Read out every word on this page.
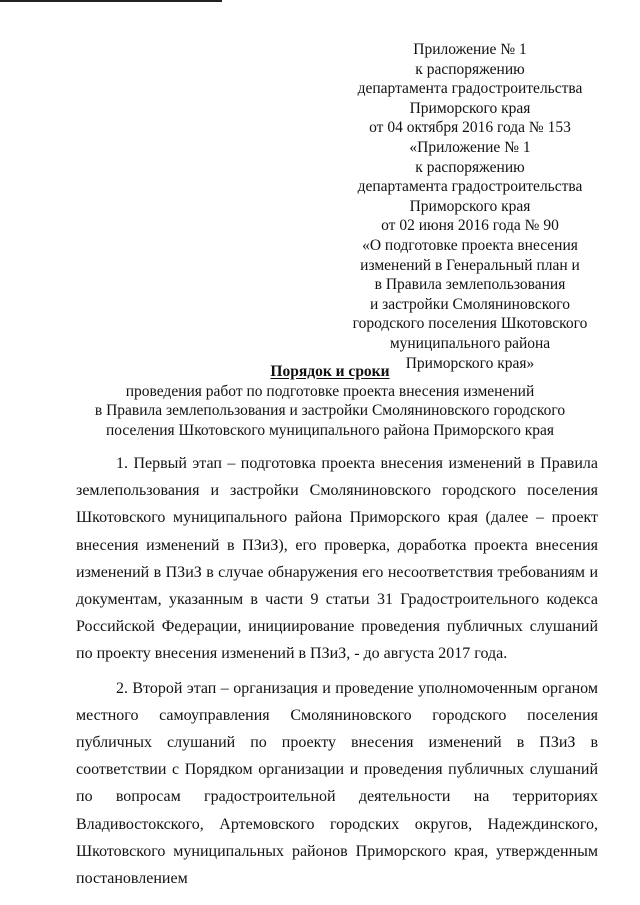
Приложение № 1
к распоряжению
департамента градостроительства
Приморского края
от 04 октября 2016 года № 153
«Приложение № 1
к распоряжению
департамента градостроительства
Приморского края
от 02 июня 2016 года № 90
«О подготовке проекта внесения
изменений в Генеральный план и
в Правила землепользования
и застройки Смоляниновского
городского поселения Шкотовского
муниципального района
Приморского края»
Порядок и сроки
проведения работ по подготовке проекта внесения изменений
в Правила землепользования и застройки Смоляниновского городского
поселения Шкотовского муниципального района Приморского края

1. Первый этап – подготовка проекта внесения изменений в Правила землепользования и застройки Смоляниновского городского поселения Шкотовского муниципального района Приморского края (далее – проект внесения изменений в ПЗиЗ), его проверка, доработка проекта внесения изменений в ПЗиЗ в случае обнаружения его несоответствия требованиям и документам, указанным в части 9 статьи 31 Градостроительного кодекса Российской Федерации, инициирование проведения публичных слушаний по проекту внесения изменений в ПЗиЗ, - до августа 2017 года.

2. Второй этап – организация и проведение уполномоченным органом местного самоуправления Смоляниновского городского поселения публичных слушаний по проекту внесения изменений в ПЗиЗ в соответствии с Порядком организации и проведения публичных слушаний по вопросам градостроительной деятельности на территориях Владивостокского, Артемовского городских округов, Надеждинского, Шкотовского муниципальных районов Приморского края, утвержденным постановлением
